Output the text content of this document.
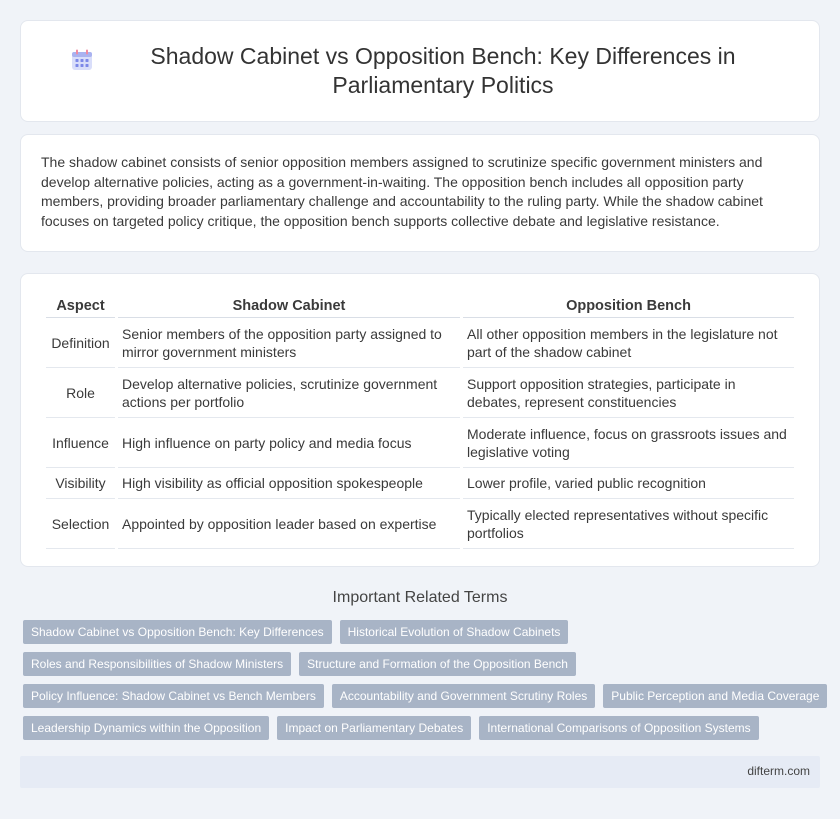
Shadow Cabinet vs Opposition Bench: Key Differences in Parliamentary Politics

The shadow cabinet consists of senior opposition members assigned to scrutinize specific government ministers and develop alternative policies, acting as a government-in-waiting. The opposition bench includes all opposition party members, providing broader parliamentary challenge and accountability to the ruling party. While the shadow cabinet focuses on targeted policy critique, the opposition bench supports collective debate and legislative resistance.

Aspect	Shadow Cabinet	Opposition Bench
Definition	Senior members of the opposition party assigned to mirror government ministers	All other opposition members in the legislature not part of the shadow cabinet
Role	Develop alternative policies, scrutinize government actions per portfolio	Support opposition strategies, participate in debates, represent constituencies
Influence	High influence on party policy and media focus	Moderate influence, focus on grassroots issues and legislative voting
Visibility	High visibility as official opposition spokespeople	Lower profile, varied public recognition
Selection	Appointed by opposition leader based on expertise	Typically elected representatives without specific portfolios
Important Related Terms
Shadow Cabinet vs Opposition Bench: Key Differences	Historical Evolution of Shadow Cabinets
Roles and Responsibilities of Shadow Ministers	Structure and Formation of the Opposition Bench
Policy Influence: Shadow Cabinet vs Bench Members	Accountability and Government Scrutiny Roles	Public Perception and Media Coverage
Leadership Dynamics within the Opposition	Impact on Parliamentary Debates	International Comparisons of Opposition Systems
difterm.com
